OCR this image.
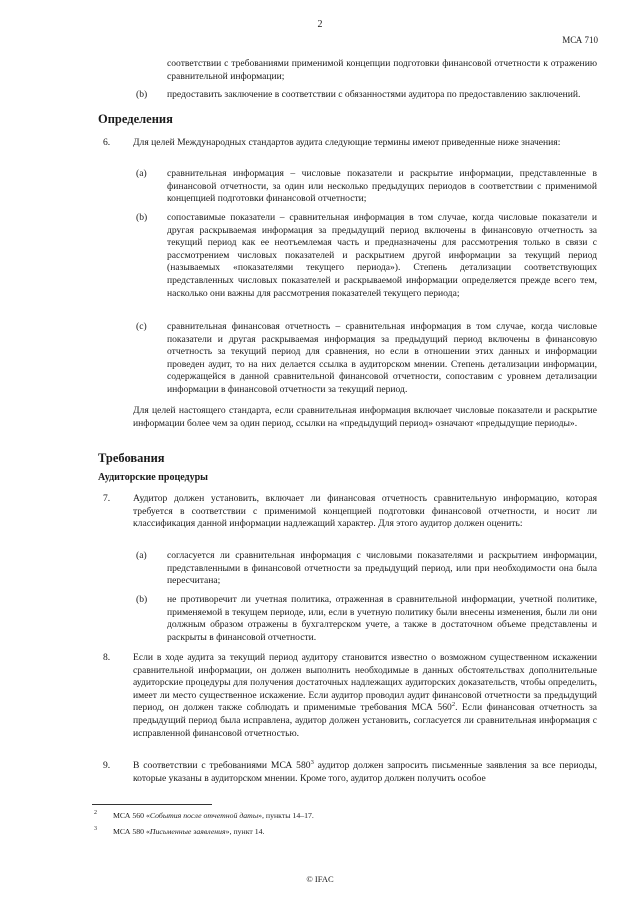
2
МСА 710
соответствии с требованиями применимой концепции подготовки финансовой отчетности к отражению сравнительной информации;
(b) предоставить заключение в соответствии с обязанностями аудитора по предоставлению заключений.
Определения
6. Для целей Международных стандартов аудита следующие термины имеют приведенные ниже значения:
(a) сравнительная информация – числовые показатели и раскрытие информации, представленные в финансовой отчетности, за один или несколько предыдущих периодов в соответствии с применимой концепцией подготовки финансовой отчетности;
(b) сопоставимые показатели – сравнительная информация в том случае, когда числовые показатели и другая раскрываемая информация за предыдущий период включены в финансовую отчетность за текущий период как ее неотъемлемая часть и предназначены для рассмотрения только в связи с рассмотрением числовых показателей и раскрытием другой информации за текущий период (называемых «показателями текущего периода»). Степень детализации соответствующих представленных числовых показателей и раскрываемой информации определяется прежде всего тем, насколько они важны для рассмотрения показателей текущего периода;
(c) сравнительная финансовая отчетность – сравнительная информация в том случае, когда числовые показатели и другая раскрываемая информация за предыдущий период включены в финансовую отчетность за текущий период для сравнения, но если в отношении этих данных и информации проведен аудит, то на них делается ссылка в аудиторском мнении. Степень детализации информации, содержащейся в данной сравнительной финансовой отчетности, сопоставим с уровнем детализации информации в финансовой отчетности за текущий период.
Для целей настоящего стандарта, если сравнительная информация включает числовые показатели и раскрытие информации более чем за один период, ссылки на «предыдущий период» означают «предыдущие периоды».
Требования
Аудиторские процедуры
7. Аудитор должен установить, включает ли финансовая отчетность сравнительную информацию, которая требуется в соответствии с применимой концепцией подготовки финансовой отчетности, и носит ли классификация данной информации надлежащий характер. Для этого аудитор должен оценить:
(a) согласуется ли сравнительная информация с числовыми показателями и раскрытием информации, представленными в финансовой отчетности за предыдущий период, или при необходимости она была пересчитана;
(b) не противоречит ли учетная политика, отраженная в сравнительной информации, учетной политике, применяемой в текущем периоде, или, если в учетную политику были внесены изменения, были ли они должным образом отражены в бухгалтерском учете, а также в достаточном объеме представлены и раскрыты в финансовой отчетности.
8. Если в ходе аудита за текущий период аудитору становится известно о возможном существенном искажении сравнительной информации, он должен выполнить необходимые в данных обстоятельствах дополнительные аудиторские процедуры для получения достаточных надлежащих аудиторских доказательств, чтобы определить, имеет ли место существенное искажение. Если аудитор проводил аудит финансовой отчетности за предыдущий период, он должен также соблюдать и применимые требования МСА $560^2$. Если финансовая отчетность за предыдущий период была исправлена, аудитор должен установить, согласуется ли сравнительная информация с исправленной финансовой отчетностью.
9. В соответствии с требованиями МСА $580^3$ аудитор должен запросить письменные заявления за все периоды, которые указаны в аудиторском мнении. Кроме того, аудитор должен получить особое
2 МСА 560 «События после отчетной даты», пункты 14–17.
3 МСА 580 «Письменные заявления», пункт 14.
© IFAC
